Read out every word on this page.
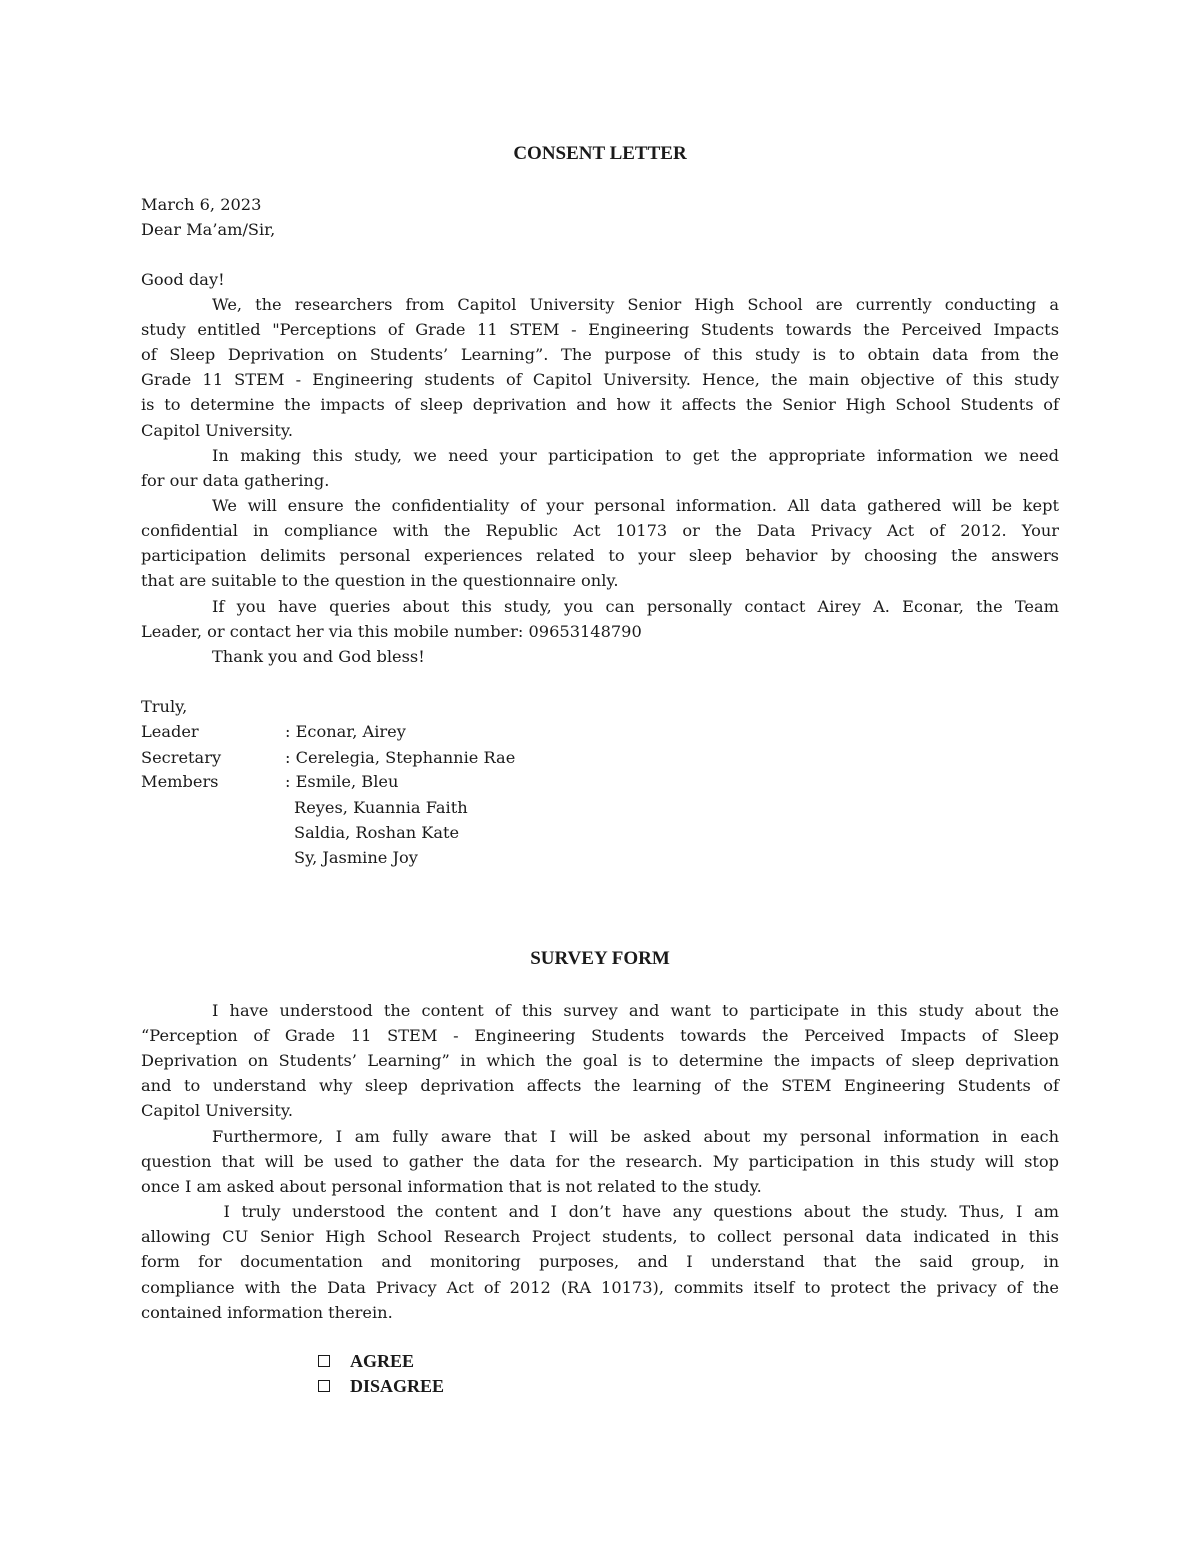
CONSENT LETTER
March 6, 2023
Dear Ma’am/Sir,
Good day!
We, the researchers from Capitol University Senior High School are currently conducting a
study entitled "Perceptions of Grade 11 STEM - Engineering Students towards the Perceived Impacts
of Sleep Deprivation on Students’ Learning”. The purpose of this study is to obtain data from the
Grade 11 STEM - Engineering students of Capitol University. Hence, the main objective of this study
is to determine the impacts of sleep deprivation and how it affects the Senior High School Students of
Capitol University.
In making this study, we need your participation to get the appropriate information we need
for our data gathering.
We will ensure the confidentiality of your personal information. All data gathered will be kept
confidential in compliance with the Republic Act 10173 or the Data Privacy Act of 2012. Your
participation delimits personal experiences related to your sleep behavior by choosing the answers
that are suitable to the question in the questionnaire only.
If you have queries about this study, you can personally contact Airey A. Econar, the Team
Leader, or contact her via this mobile number: 09653148790
Thank you and God bless!
Truly,
Leader	: Econar, Airey
Secretary	: Cerelegia, Stephannie Rae
Members	: Esmile, Bleu
Reyes, Kuannia Faith
Saldia, Roshan Kate
Sy, Jasmine Joy
SURVEY FORM
I have understood the content of this survey and want to participate in this study about the
“Perception of Grade 11 STEM - Engineering Students towards the Perceived Impacts of Sleep
Deprivation on Students’ Learning” in which the goal is to determine the impacts of sleep deprivation
and to understand why sleep deprivation affects the learning of the STEM Engineering Students of
Capitol University.
Furthermore, I am fully aware that I will be asked about my personal information in each
question that will be used to gather the data for the research. My participation in this study will stop
once I am asked about personal information that is not related to the study.
I truly understood the content and I don’t have any questions about the study. Thus, I am
allowing CU Senior High School Research Project students, to collect personal data indicated in this
form for documentation and monitoring purposes, and I understand that the said group, in
compliance with the Data Privacy Act of 2012 (RA 10173), commits itself to protect the privacy of the
contained information therein.
AGREE
DISAGREE
